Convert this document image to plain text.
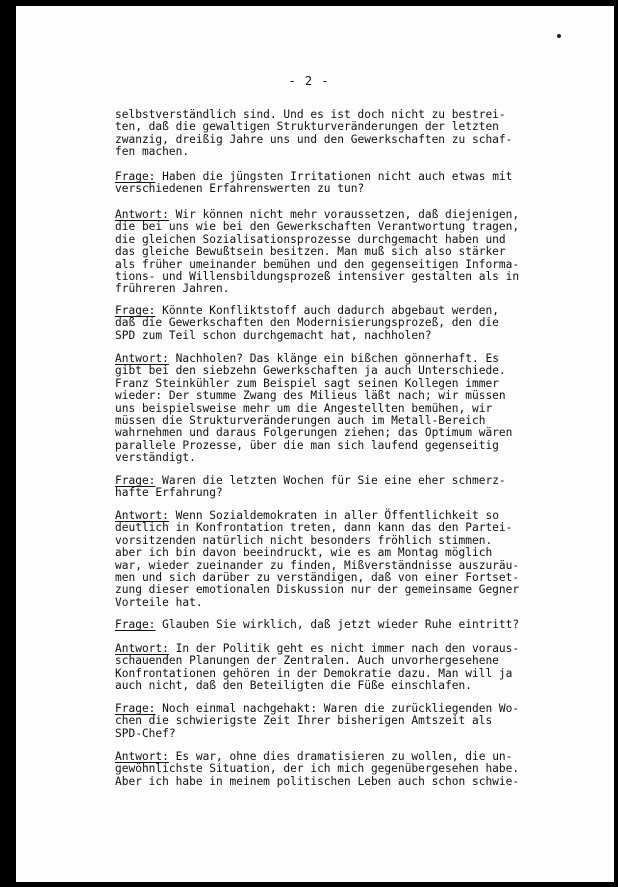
- 2 -

selbstverständlich sind. Und es ist doch nicht zu bestrei-
ten, daß die gewaltigen Strukturveränderungen der letzten
zwanzig, dreißig Jahre uns und den Gewerkschaften zu schaf-
fen machen.

Frage: Haben die jüngsten Irritationen nicht auch etwas mit
verschiedenen Erfahrenswerten zu tun?

Antwort: Wir können nicht mehr voraussetzen, daß diejenigen,
die bei uns wie bei den Gewerkschaften Verantwortung tragen,
die gleichen Sozialisationsprozesse durchgemacht haben und
das gleiche Bewußtsein besitzen. Man muß sich also stärker
als früher umeinander bemühen und den gegenseitigen Informa-
tions- und Willensbildungsprozeß intensiver gestalten als in
frühreren Jahren.

Frage: Könnte Konfliktstoff auch dadurch abgebaut werden,
daß die Gewerkschaften den Modernisierungsprozeß, den die
SPD zum Teil schon durchgemacht hat, nachholen?

Antwort: Nachholen? Das klänge ein bißchen gönnerhaft. Es
gibt bei den siebzehn Gewerkschaften ja auch Unterschiede.
Franz Steinkühler zum Beispiel sagt seinen Kollegen immer
wieder: Der stumme Zwang des Milieus läßt nach; wir müssen
uns beispielsweise mehr um die Angestellten bemühen, wir
müssen die Strukturveränderungen auch im Metall-Bereich
wahrnehmen und daraus Folgerungen ziehen; das Optimum wären
parallele Prozesse, über die man sich laufend gegenseitig
verständigt.

Frage: Waren die letzten Wochen für Sie eine eher schmerz-
hafte Erfahrung?

Antwort: Wenn Sozialdemokraten in aller Öffentlichkeit so
deutlich in Konfrontation treten, dann kann das den Partei-
vorsitzenden natürlich nicht besonders fröhlich stimmen.
aber ich bin davon beeindruckt, wie es am Montag möglich
war, wieder zueinander zu finden, Mißverständnisse auszuräu-
men und sich darüber zu verständigen, daß von einer Fortset-
zung dieser emotionalen Diskussion nur der gemeinsame Gegner
Vorteile hat.

Frage: Glauben Sie wirklich, daß jetzt wieder Ruhe eintritt?

Antwort: In der Politik geht es nicht immer nach den voraus-
schauenden Planungen der Zentralen. Auch unvorhergesehene
Konfrontationen gehören in der Demokratie dazu. Man will ja
auch nicht, daß den Beteiligten die Füße einschlafen.

Frage: Noch einmal nachgehakt: Waren die zurückliegenden Wo-
chen die schwierigste Zeit Ihrer bisherigen Amtszeit als
SPD-Chef?

Antwort: Es war, ohne dies dramatisieren zu wollen, die un-
gewöhnlichste Situation, der ich mich gegenübergesehen habe.
Aber ich habe in meinem politischen Leben auch schon schwie-
